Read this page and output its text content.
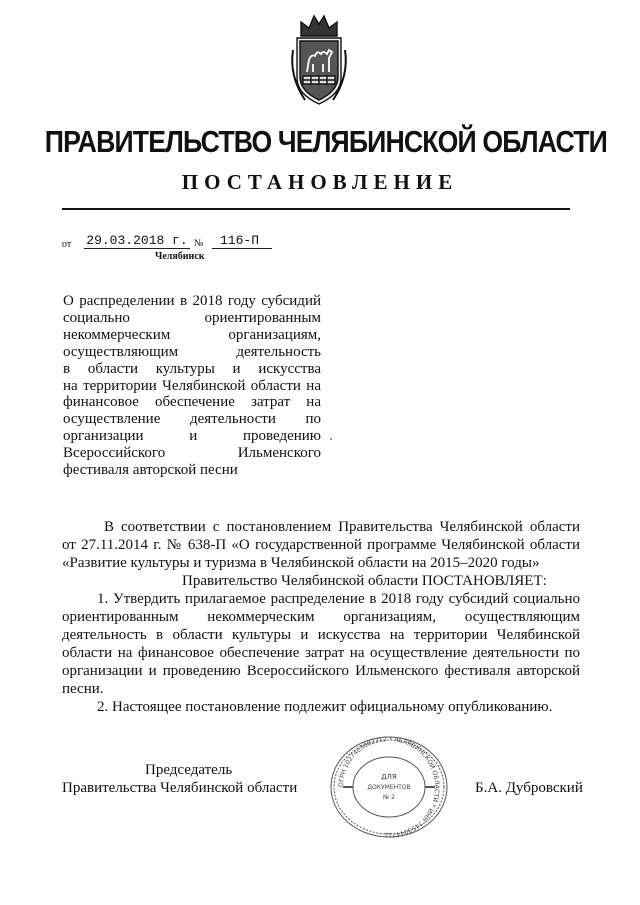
ПРАВИТЕЛЬСТВО ЧЕЛЯБИНСКОЙ ОБЛАСТИ
ПОСТАНОВЛЕНИЕ
от 29.03.2018 г. №	116-П
Челябинск
О распределении в 2018 году субсидий
социально ориентированным
некоммерческим организациям,
осуществляющим деятельность
в области культуры и искусства
на территории Челябинской области на
финансовое обеспечение затрат на
осуществление деятельности по
организации и проведению
Всероссийского Ильменского
фестиваля авторской песни
В соответствии с постановлением Правительства Челябинской области
от 27.11.2014 г. № 638-П «О государственной программе Челябинской области
«Развитие культуры и туризма в Челябинской области на 2015–2020 годы»
Правительство Челябинской области ПОСТАНОВЛЯЕТ:
1. Утвердить прилагаемое распределение в 2018 году субсидий социально
ориентированным некоммерческим организациям, осуществляющим
деятельность в области культуры и искусства на территории Челябинской
области на финансовое обеспечение затрат на осуществление деятельности по
организации и проведению Всероссийского Ильменского фестиваля авторской
песни.
2. Настоящее постановление подлежит официальному опубликованию.
Председатель
Правительства Челябинской области	Б.А. Дубровский
ОГРН 1027403882212 * ЧЕЛЯБИНСКОЙ ОБЛАСТИ * ИНН 7453044711
ДЛЯ
ДОКУМЕНТОВ
№ 2
